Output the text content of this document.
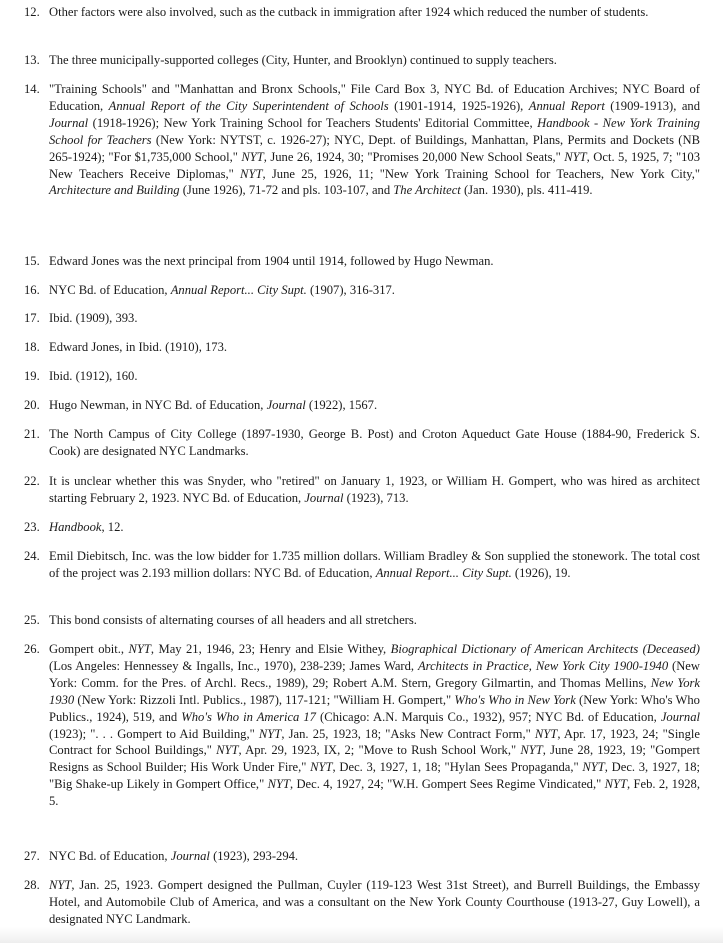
12. Other factors were also involved, such as the cutback in immigration after 1924 which reduced the number of students.
13. The three municipally-supported colleges (City, Hunter, and Brooklyn) continued to supply teachers.
14. "Training Schools" and "Manhattan and Bronx Schools," File Card Box 3, NYC Bd. of Education Archives; NYC Board of Education, Annual Report of the City Superintendent of Schools (1901-1914, 1925-1926), Annual Report (1909-1913), and Journal (1918-1926); New York Training School for Teachers Students' Editorial Committee, Handbook - New York Training School for Teachers (New York: NYTST, c. 1926-27); NYC, Dept. of Buildings, Manhattan, Plans, Permits and Dockets (NB 265-1924); "For $1,735,000 School," NYT, June 26, 1924, 30; "Promises 20,000 New School Seats," NYT, Oct. 5, 1925, 7; "103 New Teachers Receive Diplomas," NYT, June 25, 1926, 11; "New York Training School for Teachers, New York City," Architecture and Building (June 1926), 71-72 and pls. 103-107, and The Architect (Jan. 1930), pls. 411-419.
15. Edward Jones was the next principal from 1904 until 1914, followed by Hugo Newman.
16. NYC Bd. of Education, Annual Report... City Supt. (1907), 316-317.
17. Ibid. (1909), 393.
18. Edward Jones, in Ibid. (1910), 173.
19. Ibid. (1912), 160.
20. Hugo Newman, in NYC Bd. of Education, Journal (1922), 1567.
21. The North Campus of City College (1897-1930, George B. Post) and Croton Aqueduct Gate House (1884-90, Frederick S. Cook) are designated NYC Landmarks.
22. It is unclear whether this was Snyder, who "retired" on January 1, 1923, or William H. Gompert, who was hired as architect starting February 2, 1923. NYC Bd. of Education, Journal (1923), 713.
23. Handbook, 12.
24. Emil Diebitsch, Inc. was the low bidder for 1.735 million dollars. William Bradley & Son supplied the stonework. The total cost of the project was 2.193 million dollars: NYC Bd. of Education, Annual Report... City Supt. (1926), 19.
25. This bond consists of alternating courses of all headers and all stretchers.
26. Gompert obit., NYT, May 21, 1946, 23; Henry and Elsie Withey, Biographical Dictionary of American Architects (Deceased) (Los Angeles: Hennessey & Ingalls, Inc., 1970), 238-239; James Ward, Architects in Practice, New York City 1900-1940 (New York: Comm. for the Pres. of Archl. Recs., 1989), 29; Robert A.M. Stern, Gregory Gilmartin, and Thomas Mellins, New York 1930 (New York: Rizzoli Intl. Publics., 1987), 117-121; "William H. Gompert," Who's Who in New York (New York: Who's Who Publics., 1924), 519, and Who's Who in America 17 (Chicago: A.N. Marquis Co., 1932), 957; NYC Bd. of Education, Journal (1923); ". . . Gompert to Aid Building," NYT, Jan. 25, 1923, 18; "Asks New Contract Form," NYT, Apr. 17, 1923, 24; "Single Contract for School Buildings," NYT, Apr. 29, 1923, IX, 2; "Move to Rush School Work," NYT, June 28, 1923, 19; "Gompert Resigns as School Builder; His Work Under Fire," NYT, Dec. 3, 1927, 1, 18; "Hylan Sees Propaganda," NYT, Dec. 3, 1927, 18; "Big Shake-up Likely in Gompert Office," NYT, Dec. 4, 1927, 24; "W.H. Gompert Sees Regime Vindicated," NYT, Feb. 2, 1928, 5.
27. NYC Bd. of Education, Journal (1923), 293-294.
28. NYT, Jan. 25, 1923. Gompert designed the Pullman, Cuyler (119-123 West 31st Street), and Burrell Buildings, the Embassy Hotel, and Automobile Club of America, and was a consultant on the New York County Courthouse (1913-27, Guy Lowell), a designated NYC Landmark.
